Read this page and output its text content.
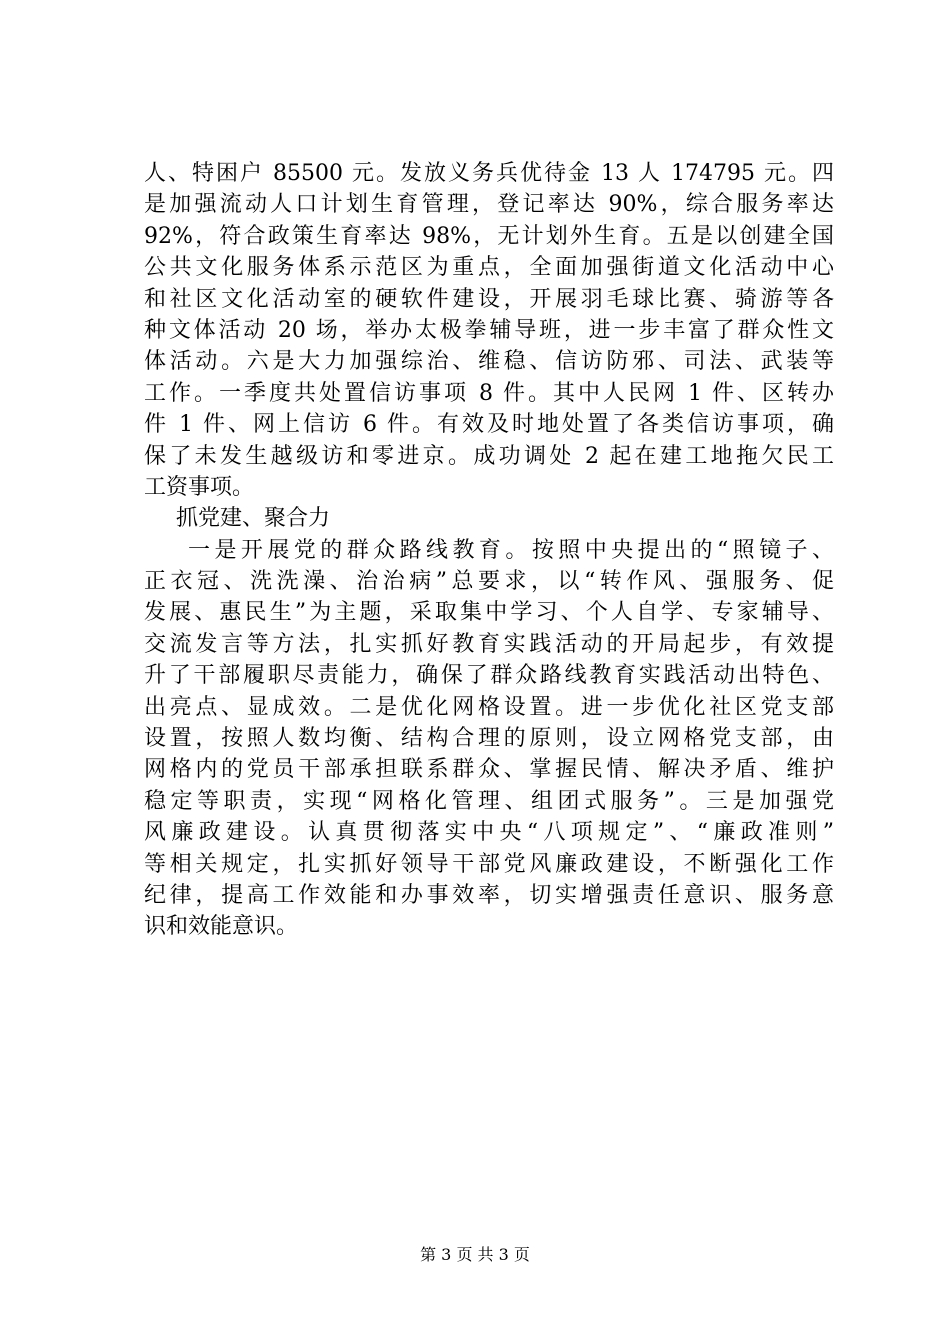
人、特困户 85500 元。发放义务兵优待金 13 人 174795 元。四
是加强流动人口计划生育管理，登记率达 90%，综合服务率达
92%，符合政策生育率达 98%，无计划外生育。五是以创建全国
公共文化服务体系示范区为重点，全面加强街道文化活动中心
和社区文化活动室的硬软件建设，开展羽毛球比赛、骑游等各
种文体活动 20 场，举办太极拳辅导班，进一步丰富了群众性文
体活动。六是大力加强综治、维稳、信访防邪、司法、武装等
工作。一季度共处置信访事项 8 件。其中人民网 1 件、区转办
件 1 件、网上信访 6 件。有效及时地处置了各类信访事项，确
保了未发生越级访和零进京。成功调处 2 起在建工地拖欠民工
工资事项。
抓党建、聚合力
一是开展党的群众路线教育。按照中央提出的“照镜子、
正衣冠、洗洗澡、治治病”总要求，以“转作风、强服务、促
发展、惠民生”为主题，采取集中学习、个人自学、专家辅导、
交流发言等方法，扎实抓好教育实践活动的开局起步，有效提
升了干部履职尽责能力，确保了群众路线教育实践活动出特色、
出亮点、显成效。二是优化网格设置。进一步优化社区党支部
设置，按照人数均衡、结构合理的原则，设立网格党支部，由
网格内的党员干部承担联系群众、掌握民情、解决矛盾、维护
稳定等职责，实现“网格化管理、组团式服务”。三是加强党
风廉政建设。认真贯彻落实中央“八项规定”、“廉政准则”
等相关规定，扎实抓好领导干部党风廉政建设，不断强化工作
纪律，提高工作效能和办事效率，切实增强责任意识、服务意
识和效能意识。
第 3 页 共 3 页
